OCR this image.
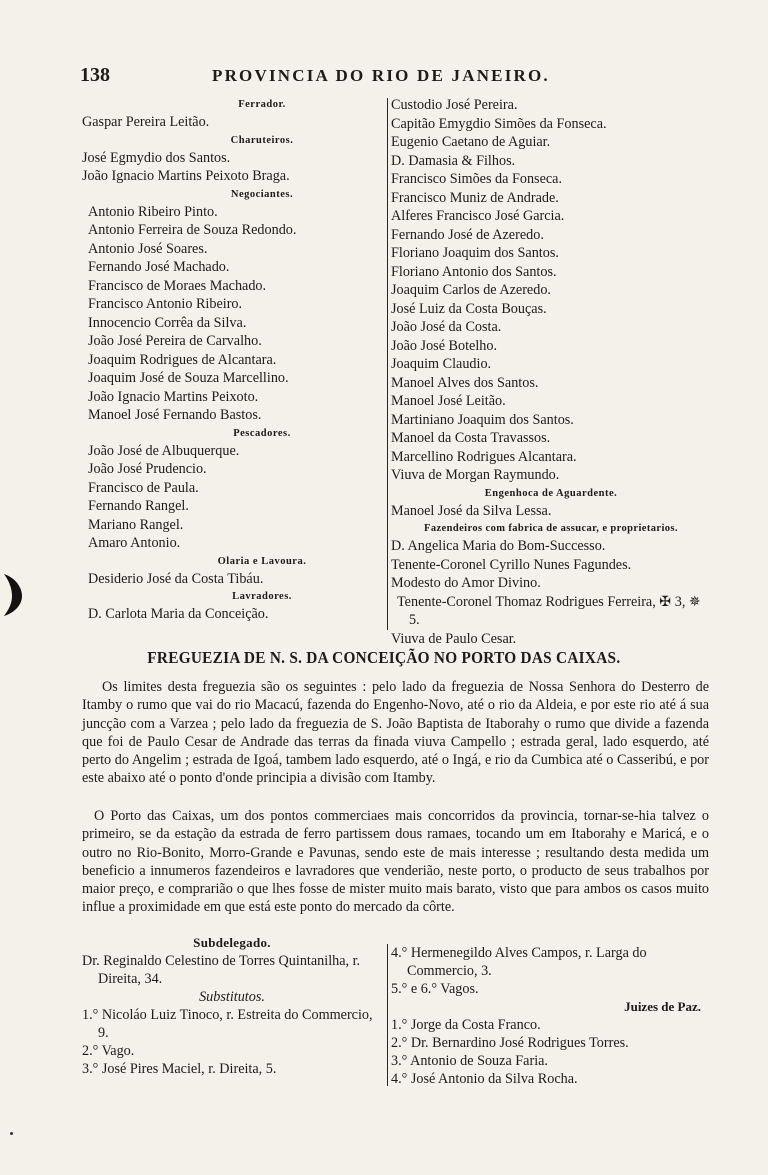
138	PROVINCIA DO RIO DE JANEIRO.
Ferrador.
Gaspar Pereira Leitão.
Charuteiros.
José Egmydio dos Santos.
João Ignacio Martins Peixoto Braga.
Negociantes.
Antonio Ribeiro Pinto.
Antonio Ferreira de Souza Redondo.
Antonio José Soares.
Fernando José Machado.
Francisco de Moraes Machado.
Francisco Antonio Ribeiro.
Innocencio Corrêa da Silva.
João José Pereira de Carvalho.
Joaquim Rodrigues de Alcantara.
Joaquim José de Souza Marcellino.
João Ignacio Martins Peixoto.
Manoel José Fernando Bastos.
Pescadores.
João José de Albuquerque.
João José Prudencio.
Francisco de Paula.
Fernando Rangel.
Mariano Rangel.
Amaro Antonio.
Olaria e Lavoura.
Desiderio José da Costa Tibáu.
Lavradores.
D. Carlota Maria da Conceição.
Custodio José Pereira.
Capitão Emygdio Simões da Fonseca.
Eugenio Caetano de Aguiar.
D. Damasia & Filhos.
Francisco Simões da Fonseca.
Francisco Muniz de Andrade.
Alferes Francisco José Garcia.
Fernando José de Azeredo.
Floriano Joaquim dos Santos.
Floriano Antonio dos Santos.
Joaquim Carlos de Azeredo.
José Luiz da Costa Bouças.
João José da Costa.
João José Botelho.
Joaquim Claudio.
Manoel Alves dos Santos.
Manoel José Leitão.
Martiniano Joaquim dos Santos.
Manoel da Costa Travassos.
Marcellino Rodrigues Alcantara.
Viuva de Morgan Raymundo.
Engenhoca de Aguardente.
Manoel José da Silva Lessa.
Fazendeiros com fabrica de assucar, e proprietarios.
D. Angelica Maria do Bom-Successo.
Tenente-Coronel Cyrillo Nunes Fagundes.
Modesto do Amor Divino.
Tenente-Coronel Thomaz Rodrigues Ferreira, ✠ 3, ✵ 5.
Viuva de Paulo Cesar.
FREGUEZIA DE N. S. DA CONCEIÇÃO NO PORTO DAS CAIXAS.

Os limites desta freguezia são os seguintes : pelo lado da freguezia de Nossa Senhora do Desterro de Itamby o rumo que vai do rio Macacú, fazenda do Engenho-Novo, até o rio da Aldeia, e por este rio até á sua juncção com a Varzea ; pelo lado da freguezia de S. João Baptista de Itaborahy o rumo que divide a fazenda que foi de Paulo Cesar de Andrade das terras da finada viuva Campello ; estrada geral, lado esquerdo, até perto do Angelim ; estrada de Igoá, tambem lado esquerdo, até o Ingá, e rio da Cumbica até o Casseribú, e por este abaixo até o ponto d'onde principia a divisão com Itamby.

O Porto das Caixas, um dos pontos commerciaes mais concorridos da provincia, tornar-se-hia talvez o primeiro, se da estação da estrada de ferro partissem dous ramaes, tocando um em Itaborahy e Maricá, e o outro no Rio-Bonito, Morro-Grande e Pavunas, sendo este de mais interesse ; resultando desta medida um beneficio a innumeros fazendeiros e lavradores que venderião, neste porto, o producto de seus trabalhos por maior preço, e comprarião o que lhes fosse de mister muito mais barato, visto que para ambos os casos muito influe a proximidade em que está este ponto do mercado da côrte.

Subdelegado.
Dr. Reginaldo Celestino de Torres Quintanilha, r. Direita, 34.
Substitutos.
1.° Nicoláo Luiz Tinoco, r. Estreita do Commercio, 9.
2.° Vago.
3.° José Pires Maciel, r. Direita, 5.
4.° Hermenegildo Alves Campos, r. Larga do Commercio, 3.
5.° e 6.° Vagos.
Juizes de Paz.
1.° Jorge da Costa Franco.
2.° Dr. Bernardino José Rodrigues Torres.
3.° Antonio de Souza Faria.
4.° José Antonio da Silva Rocha.
